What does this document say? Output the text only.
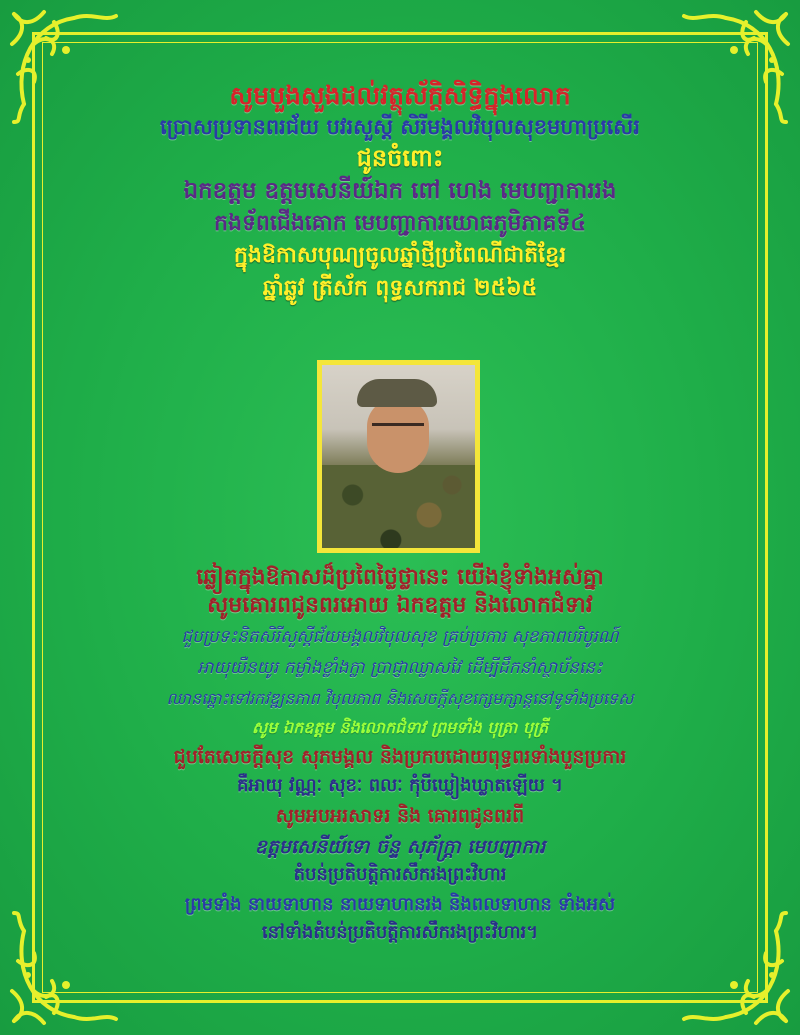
សូមបួងសួងដល់វត្ថុស័ក្តិសិទ្ធិក្នុងលោក
ប្រោសប្រទានពរជ័យ បវរសួស្តី សិរីមង្គលវិបុលសុខមហាប្រសើរ
ជូនចំពោះ
ឯកឧត្តម ឧត្តមសេនីយ៍ឯក ពៅ ហេង មេបញ្ជាការរង
កងទ័ពជើងគោក មេបញ្ជាការយោធភូមិភាគទី៤
ក្នុងឱកាសបុណ្យចូលឆ្នាំថ្មីប្រពៃណីជាតិខ្មែរ
ឆ្នាំឆ្លូវ ត្រីស័ក ពុទ្ធសករាជ ២៥៦៥
ឆ្លៀតក្នុងឱកាសដ៏ប្រពៃថ្លៃថ្លានេះ យើងខ្ញុំទាំងអស់គ្នា
សូមគោរពជូនពរអោយ ឯកឧត្តម និងលោកជំទាវ
ជួបប្រទះនិតសិរីសួស្តីជ័យមង្គលវិបុលសុខ គ្រប់ប្រការ សុខភាពបរិបូរណ៍
អាយុយឺនយូរ កម្លាំងខ្លាំងក្លា ប្រាជ្ញាឈ្លាសវៃ ដើម្បីដឹកនាំស្ថាប័ននេះ
ឈានឆ្ពោះទៅរកវឌ្ឍនភាព វិបុលភាព និងសេចក្តីសុខក្សេមក្សាន្តនៅទូទាំងប្រទេស
សូម ឯកឧត្តម និងលោកជំទាវ ព្រមទាំង បុត្រា បុត្រី
ជួបតែសេចក្តីសុខ សុភមង្គល និងប្រកបដោយពុទ្ធពរទាំងបួនប្រការ
គឺអាយុ វណ្ណៈ សុខៈ ពលៈ កុំបីឃ្លៀងឃ្លាតឡើយ ។
សូមអបអរសាទរ និង គោរពជូនពរពី
ឧត្តមសេនីយ៍ទោ ច័ន្ទ សុភ័ក្ត្រា មេបញ្ជាការ
តំបន់ប្រតិបត្តិការសឹករងព្រះវិហារ
ព្រមទាំង នាយទាហាន នាយទាហានរង និងពលទាហាន ទាំងអស់
នៅទាំងតំបន់ប្រតិបត្តិការសឹករងព្រះវិហារ។
